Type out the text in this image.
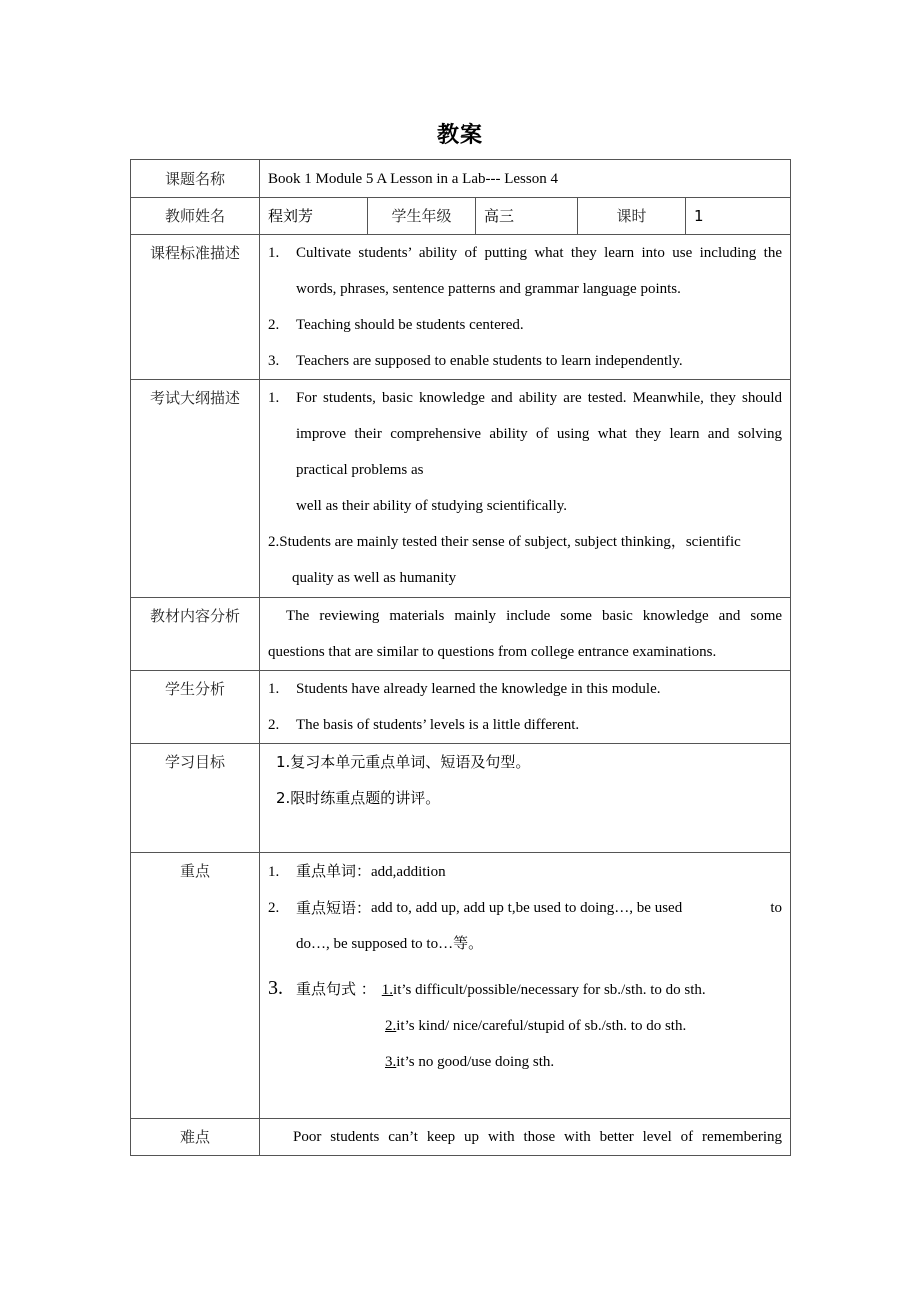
教案
课题名称	Book 1 Module 5 A Lesson in a Lab--- Lesson 4				
教师姓名	程刘芳	学生年级	高三	课时	1
课程标准描述	1.	Cultivate students’ ability of putting what they learn into use including the words, phrases, sentence patterns and grammar language points.
2.	Teaching should be students centered.
3.	Teachers are supposed to enable students to learn independently.

考试大纲描述	1. For students, basic knowledge and ability are tested. Meanwhile, they should improve their comprehensive ability of using what they learn and solving practical problems as
well as their ability of studying scientifically.
2.Students are mainly tested their sense of subject, subject thinking，scientific
quality as well as humanity				

教材内容分析	The reviewing materials mainly include some basic knowledge and some questions that are similar to questions from college entrance examinations.				
学生分析	1. Students have already learned the knowledge in this module.
2. The basis of students’ levels is a little different.				

学习目标	1.复习本单元重点单词、短语及句型。
2.限时练重点题的讲评。				

重点	1. 重点单词：add,addition
2.	重点短语： add to, add up, add up t,be used to doing…, be used	to
do…, be supposed to to…等。
3. 重点句式 ： 1.it’s difficult/possible/necessary for sb./sth. to do sth.
2.it’s kind/ nice/careful/stupid of sb./sth. to do sth.
3.it’s no good/use doing sth.

难点	Poor students can’t keep up with those with better level of remembering				
